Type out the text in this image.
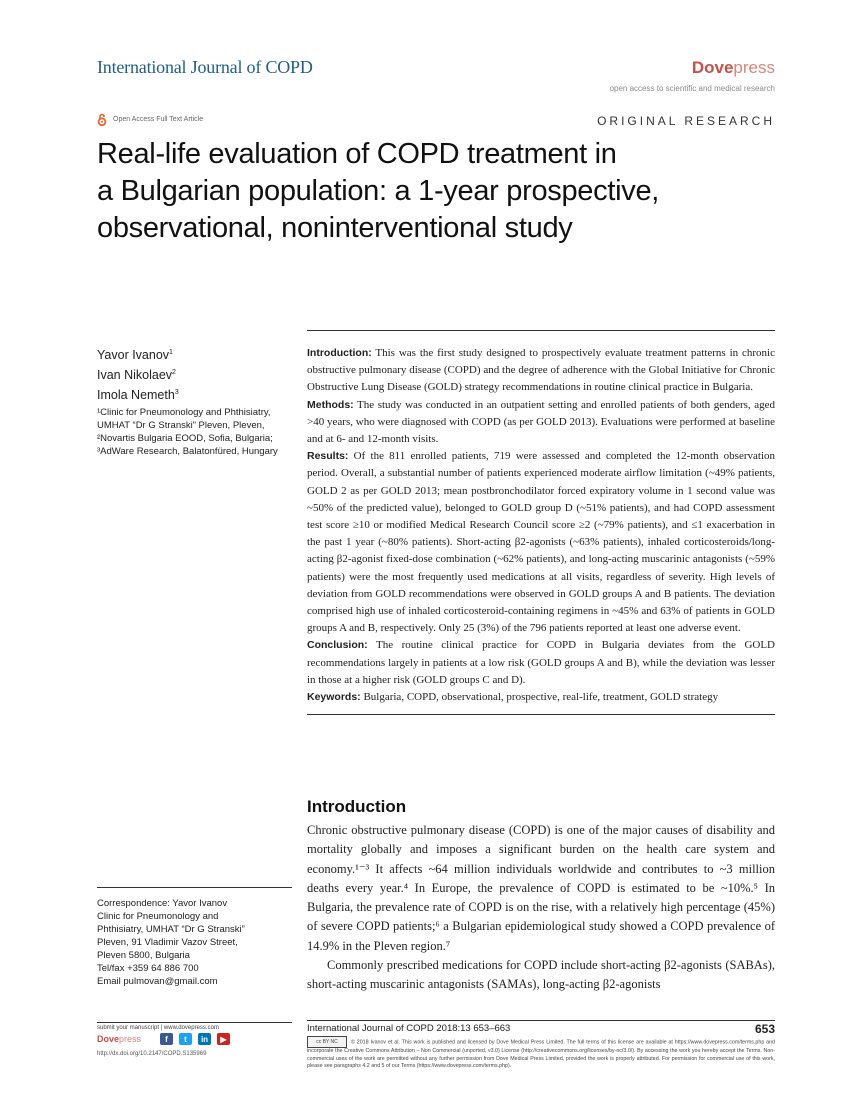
International Journal of COPD	Dovepress
open access to scientific and medical research
Open Access Full Text Article	ORIGINAL RESEARCH
Real-life evaluation of COPD treatment in
a Bulgarian population: a 1-year prospective,
observational, noninterventional study
Yavor Ivanov$^1$
Ivan Nikolaev$^2$
Imola Nemeth$^3$
¹Clinic for Pneumonology and Phthisiatry, UMHAT “Dr G Stranski” Pleven, Pleven, ²Novartis Bulgaria EOOD, Sofia, Bulgaria; ³AdWare Research, Balatonfüred, Hungary

Introduction: This was the first study designed to prospectively evaluate treatment patterns in chronic obstructive pulmonary disease (COPD) and the degree of adherence with the Global Initiative for Chronic Obstructive Lung Disease (GOLD) strategy recommendations in routine clinical practice in Bulgaria.

Methods: The study was conducted in an outpatient setting and enrolled patients of both genders, aged >40 years, who were diagnosed with COPD (as per GOLD 2013). Evaluations were performed at baseline and at 6- and 12-month visits.

Results: Of the 811 enrolled patients, 719 were assessed and completed the 12-month observation period. Overall, a substantial number of patients experienced moderate airflow limitation (~49% patients, GOLD 2 as per GOLD 2013; mean postbronchodilator forced expiratory volume in 1 second value was ~50% of the predicted value), belonged to GOLD group D (~51% patients), and had COPD assessment test score ≥10 or modified Medical Research Council score ≥2 (~79% patients), and ≤1 exacerbation in the past 1 year (~80% patients). Short-acting β2-agonists (~63% patients), inhaled corticosteroids/long-acting β2-agonist fixed-dose combination (~62% patients), and long-acting muscarinic antagonists (~59% patients) were the most frequently used medications at all visits, regardless of severity. High levels of deviation from GOLD recommendations were observed in GOLD groups A and B patients. The deviation comprised high use of inhaled corticosteroid-containing regimens in ~45% and 63% of patients in GOLD groups A and B, respectively. Only 25 (3%) of the 796 patients reported at least one adverse event.

Conclusion: The routine clinical practice for COPD in Bulgaria deviates from the GOLD recommendations largely in patients at a low risk (GOLD groups A and B), while the deviation was lesser in those at a higher risk (GOLD groups C and D).

Keywords: Bulgaria, COPD, observational, prospective, real-life, treatment, GOLD strategy

Introduction

Chronic obstructive pulmonary disease (COPD) is one of the major causes of disability and mortality globally and imposes a significant burden on the health care system and economy.¹⁻³ It affects ~64 million individuals worldwide and contributes to ~3 million deaths every year.⁴ In Europe, the prevalence of COPD is estimated to be ~10%.⁵ In Bulgaria, the prevalence rate of COPD is on the rise, with a relatively high percentage (45%) of severe COPD patients;⁶ a Bulgarian epidemiological study showed a COPD prevalence of 14.9% in the Pleven region.⁷

Commonly prescribed medications for COPD include short-acting β2-agonists (SABAs), short-acting muscarinic antagonists (SAMAs), long-acting β2-agonists

Correspondence: Yavor Ivanov
Clinic for Pneumonology and
Phthisiatry, UMHAT “Dr G Stranski”
Pleven, 91 Vladimir Vazov Street,
Pleven 5800, Bulgaria
Tel/fax +359 64 886 700
Email pulmovan@gmail.com
submit your manuscript | www.dovepress.com
Dovepress	f	t	in	▶
http://dx.doi.org/10.2147/COPD.S135969
International Journal of COPD 2018:13 653–663	653
cc BY NC © 2018 Ivanov et al. This work is published and licensed by Dove Medical Press Limited. The full terms of this license are available at https://www.dovepress.com/terms.php and incorporate the Creative Commons Attribution – Non Commercial (unported, v3.0) License (http://creativecommons.org/licenses/by-nc/3.0/). By accessing the work you hereby accept the Terms. Non-commercial uses of the work are permitted without any further permission from Dove Medical Press Limited, provided the work is properly attributed. For permission for commercial use of this work, please see paragraphs 4.2 and 5 of our Terms (https://www.dovepress.com/terms.php).
